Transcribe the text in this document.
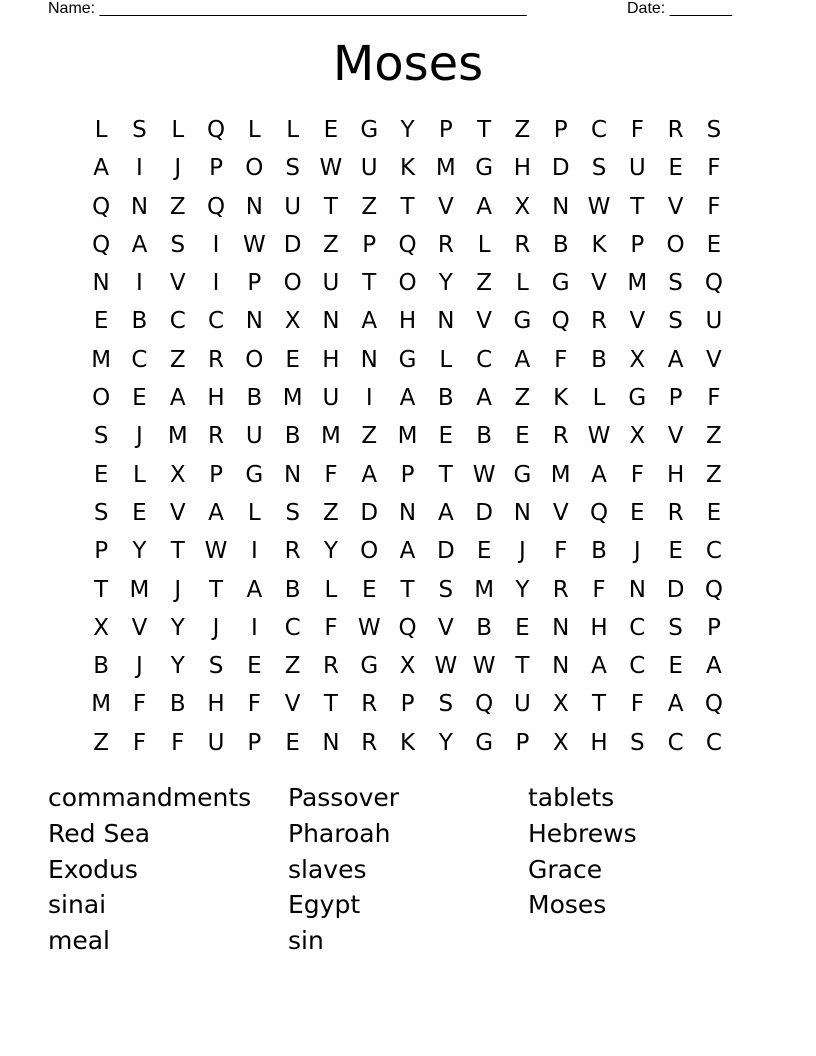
Name: ________________________________________________	Date: _______
Moses
L S L Q L L E G Y P T Z P C F R S
A I J P O S W U K M G H D S U E F
Q N Z Q N U T Z T V A X N W T V F
Q A S I W D Z P Q R L R B K P O E
N I V I P O U T O Y Z L G V M S Q
E B C C N X N A H N V G Q R V S U
M C Z R O E H N G L C A F B X A V
O E A H B M U I A B A Z K L G P F
S J M R U B M Z M E B E R W X V Z
E L X P G N F A P T W G M A F H Z
S E V A L S Z D N A D N V Q E R E
P Y T W I R Y O A D E J F B J E C
T M J T A B L E T S M Y R F N D Q
X V Y J I C F W Q V B E N H C S P
B J Y S E Z R G X W W T N A C E A
M F B H F V T R P S Q U X T F A Q
Z F F U P E N R K Y G P X H S C C
commandments
Red Sea
Exodus
sinai
meal
Passover
Pharoah
slaves
Egypt
sin
tablets
Hebrews
Grace
Moses
